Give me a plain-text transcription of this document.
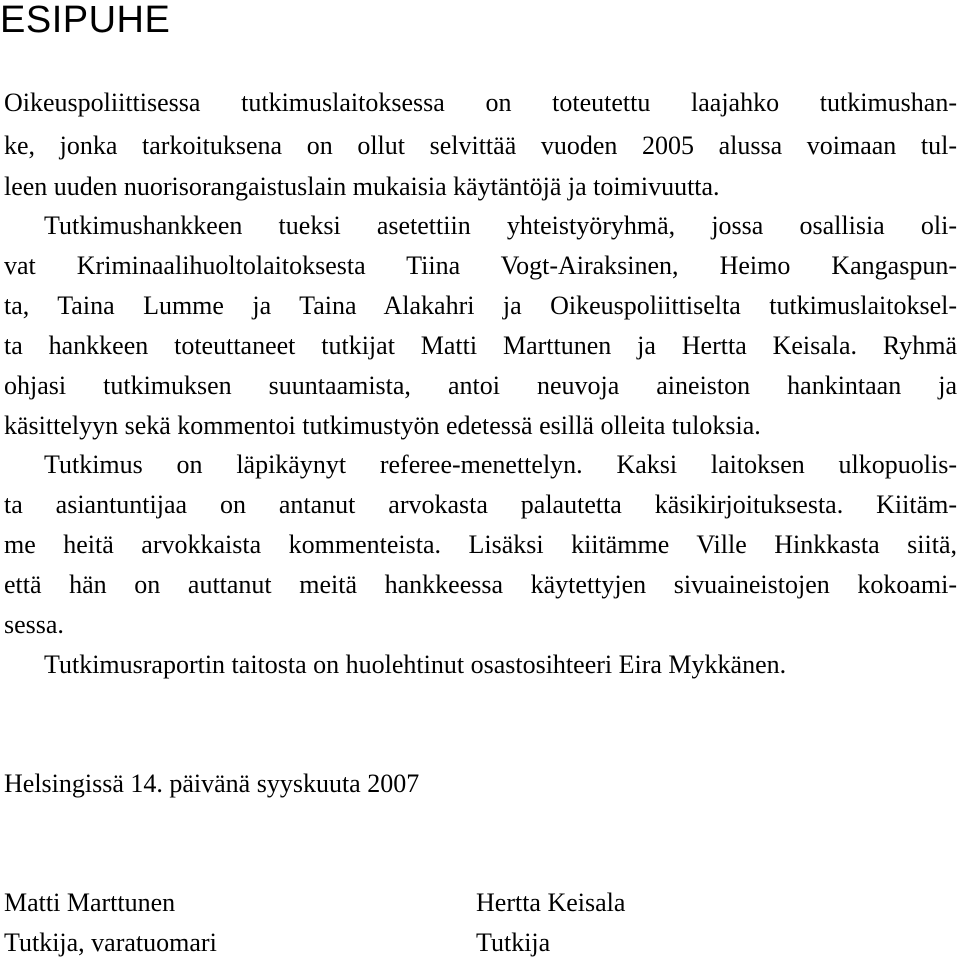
ESIPUHE
Oikeuspoliittisessa tutkimuslaitoksessa on toteutettu laajahko tutkimushan-
ke, jonka tarkoituksena on ollut selvittää vuoden 2005 alussa voimaan tul-
leen uuden nuorisorangaistuslain mukaisia käytäntöjä ja toimivuutta.
Tutkimushankkeen tueksi asetettiin yhteistyöryhmä, jossa osallisia oli-
vat Kriminaalihuoltolaitoksesta Tiina Vogt-Airaksinen, Heimo Kangaspun-
ta, Taina Lumme ja Taina Alakahri ja Oikeuspoliittiselta tutkimuslaitoksel-
ta hankkeen toteuttaneet tutkijat Matti Marttunen ja Hertta Keisala. Ryhmä
ohjasi tutkimuksen suuntaamista, antoi neuvoja aineiston hankintaan ja
käsittelyyn sekä kommentoi tutkimustyön edetessä esillä olleita tuloksia.
Tutkimus on läpikäynyt referee-menettelyn. Kaksi laitoksen ulkopuolis-
ta asiantuntijaa on antanut arvokasta palautetta käsikirjoituksesta. Kiitäm-
me heitä arvokkaista kommenteista. Lisäksi kiitämme Ville Hinkkasta siitä,
että hän on auttanut meitä hankkeessa käytettyjen sivuaineistojen kokoami-
sessa.
Tutkimusraportin taitosta on huolehtinut osastosihteeri Eira Mykkänen.
Helsingissä 14. päivänä syyskuuta 2007
Matti Marttunen
Tutkija, varatuomari
Hertta Keisala
Tutkija
